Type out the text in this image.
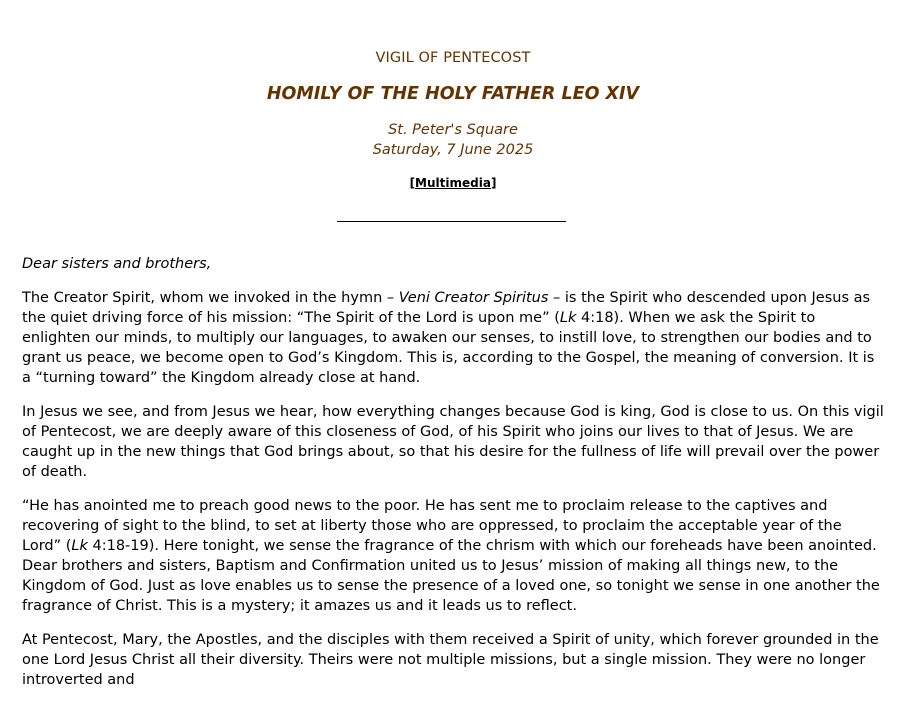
VIGIL OF PENTECOST
HOMILY OF THE HOLY FATHER LEO XIV
St. Peter's Square
Saturday, 7 June 2025
[Multimedia]

Dear sisters and brothers,

The Creator Spirit, whom we invoked in the hymn – Veni Creator Spiritus – is the Spirit who descended upon Jesus as the quiet driving force of his mission: “The Spirit of the Lord is upon me” (Lk 4:18). When we ask the Spirit to enlighten our minds, to multiply our languages, to awaken our senses, to instill love, to strengthen our bodies and to grant us peace, we become open to God’s Kingdom. This is, according to the Gospel, the meaning of conversion. It is a “turning toward” the Kingdom already close at hand.

In Jesus we see, and from Jesus we hear, how everything changes because God is king, God is close to us. On this vigil of Pentecost, we are deeply aware of this closeness of God, of his Spirit who joins our lives to that of Jesus. We are caught up in the new things that God brings about, so that his desire for the fullness of life will prevail over the power of death.

“He has anointed me to preach good news to the poor. He has sent me to proclaim release to the captives and recovering of sight to the blind, to set at liberty those who are oppressed, to proclaim the acceptable year of the Lord” (Lk 4:18-19). Here tonight, we sense the fragrance of the chrism with which our foreheads have been anointed. Dear brothers and sisters, Baptism and Confirmation united us to Jesus’ mission of making all things new, to the Kingdom of God. Just as love enables us to sense the presence of a loved one, so tonight we sense in one another the fragrance of Christ. This is a mystery; it amazes us and it leads us to reflect.

At Pentecost, Mary, the Apostles, and the disciples with them received a Spirit of unity, which forever grounded in the one Lord Jesus Christ all their diversity. Theirs were not multiple missions, but a single mission. They were no longer introverted and
